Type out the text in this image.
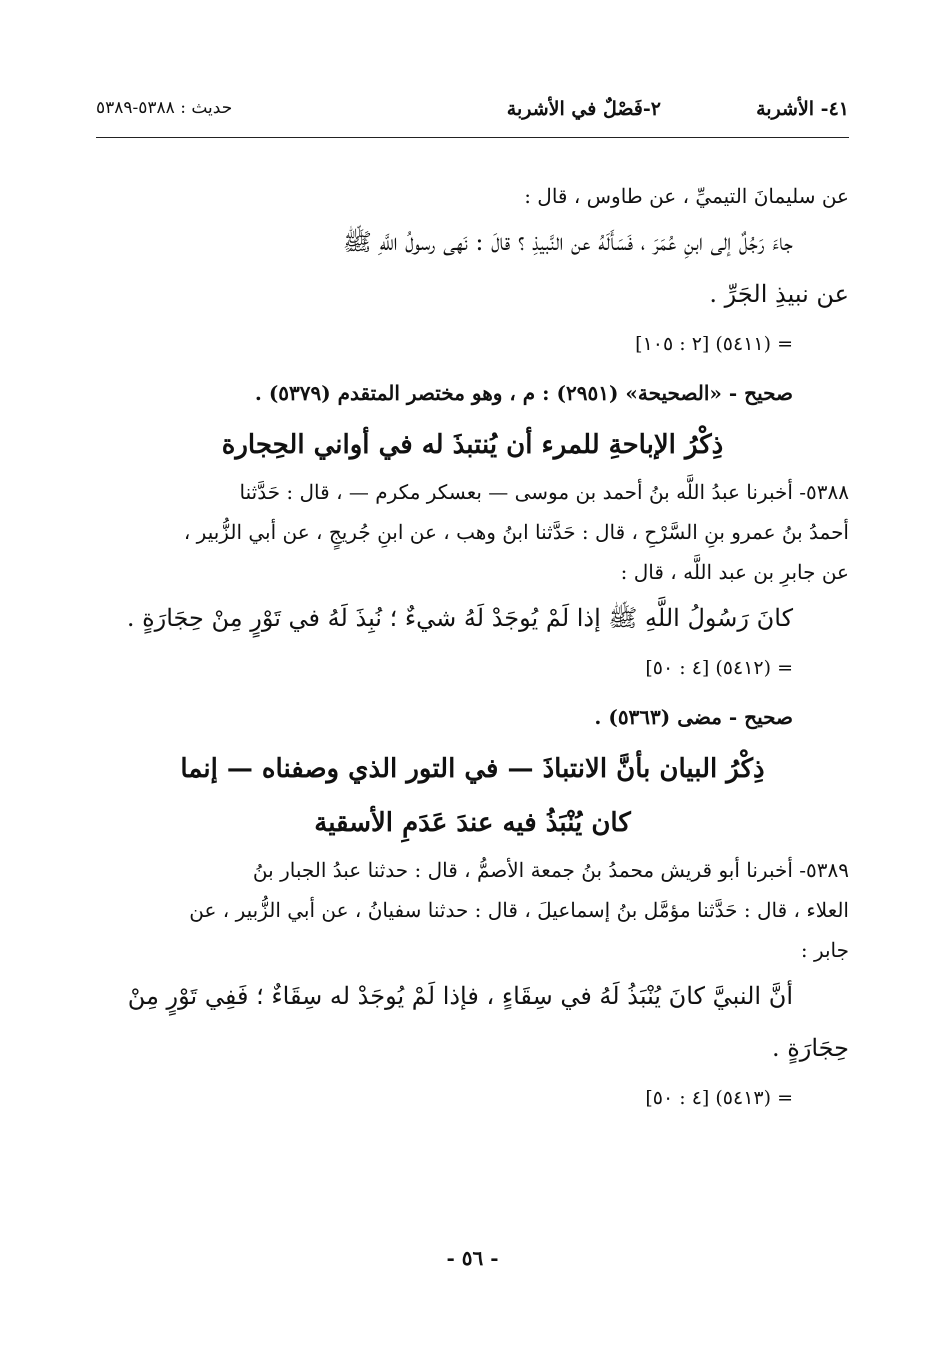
٤١- الأشربة
٢-فَصْلٌ في الأشربة
حديث : ٥٣٨٨-٥٣٨٩
عن سليمانَ التيميِّ ، عن طاوس ، قال :
جاءَ رَجُلٌ إلى ابنِ عُمَرَ ، فَسَأَلَهُ عن النَّبيذِ ؟ قالَ : نَهى رسولُ اللَّهِ ﷺ
عن نبيذِ الجَرِّ .
= (٥٤١١) [٢ : ١٠٥]
صحيح - «الصحيحة» (٢٩٥١) : م ، وهو مختصر المتقدم (٥٣٧٩) .
ذِكْرُ الإباحةِ للمرء أن يُنتبذَ له في أواني الحِجارة
٥٣٨٨- أخبرنا عبدُ اللَّه بنُ أحمد بن موسى — بعسكر مكرم — ، قال : حَدَّثنا
أحمدُ بنُ عمرو بنِ السَّرْحِ ، قال : حَدَّثنا ابنُ وهب ، عن ابنِ جُريجٍ ، عن أبي الزُّبير ،
عن جابرِ بن عبد اللَّه ، قال :
كانَ رَسُولُ اللَّهِ ﷺ إذا لَمْ يُوجَدْ لَهُ شيءٌ ؛ نُبِذَ لَهُ في تَوْرٍ مِنْ حِجَارَةٍ .
= (٥٤١٢) [٤ : ٥٠]
صحيح - مضى (٥٣٦٣) .
ذِكْرُ البيان بأنَّ الانتباذَ — في التور الذي وصفناه — إنما
كان يُنْبَذُ فيه عندَ عَدَمِ الأسقية
٥٣٨٩- أخبرنا أبو قريش محمدُ بنُ جمعة الأصمُّ ، قال : حدثنا عبدُ الجبار بنُ
العلاء ، قال : حَدَّثنا مؤمَّل بنُ إسماعيلَ ، قال : حدثنا سفيانُ ، عن أبي الزُّبير ، عن
جابر :
أنَّ النبيَّ كانَ يُنْبَذُ لَهُ في سِقَاءٍ ، فإذا لَمْ يُوجَدْ له سِقَاءٌ ؛ فَفِي تَوْرٍ مِنْ
حِجَارَةٍ .
= (٥٤١٣) [٤ : ٥٠]
- ٥٦ -
